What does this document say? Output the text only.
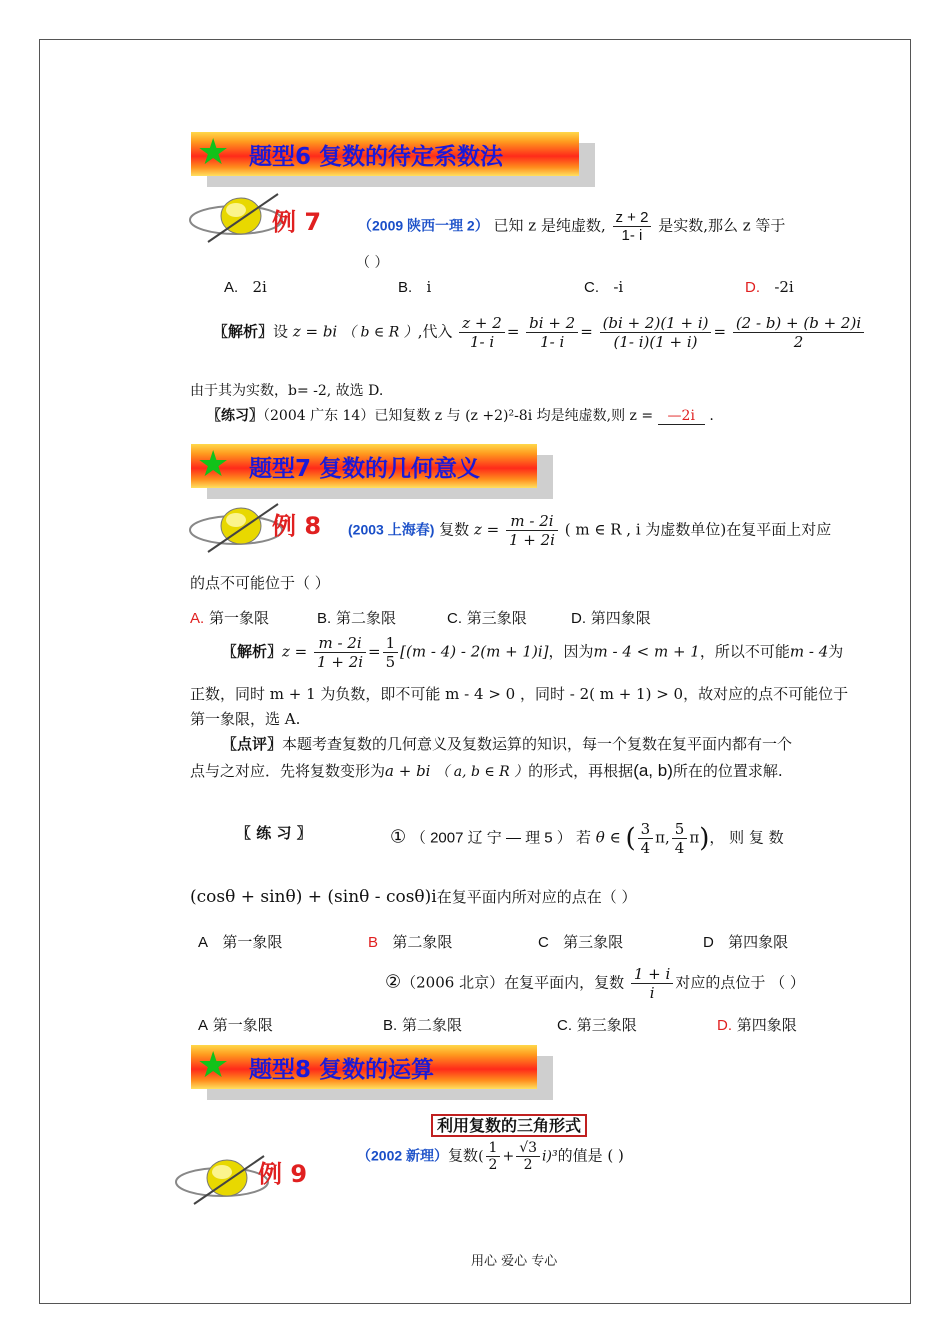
★ 题型6 复数的待定系数法
例 7	（2009 陕西一理 2） 已知 z 是纯虚数, $\frac{z + 2}{1- i}$ 是实数,那么 z 等于
（ ）
A. 2i	B. i	C. -i	D. -2i
〖解析〗设 z = bi （ b ∈ R ）,代入 $\frac{z + 2}{1- i} = \frac{bi + 2}{1- i} = \frac{(bi + 2)(1 + i)}{(1- i)(1 + i)} = \frac{(2 - b) + (b + 2)i}{2}$
由于其为实数，b= -2, 故选 D.
〖练习〗（2004 广东 14）已知复数 z 与 (z +2)²-8i 均是纯虚数,则 z = —2i .
★ 题型7 复数的几何意义
例 8 (2003 上海春) 复数 $z = \frac{m - 2i}{1 + 2i}$ ( m ∈ R , i 为虚数单位)在复平面上对应
的点不可能位于（ ）
A. 第一象限	B. 第二象限	C. 第三象限	D. 第四象限
〖解析〗$z = \frac{m - 2i}{1 + 2i} = \frac{1}{5} [(m - 4) - 2(m + 1)i]$，因为m - 4 < m + 1，所以不可能m - 4为
正数，同时 m + 1 为负数，即不可能 m - 4 > 0 ，同时 - 2( m + 1) > 0，故对应的点不可能位于
第一象限，选 A.
〖点评〗本题考查复数的几何意义及复数运算的知识，每一个复数在复平面内都有一个
点与之对应．先将复数变形为a + bi （ a, b ∈ R ）的形式，再根据(a, b)所在的位置求解.
〖 练 习 〗	① （ 2007 辽 宁 — 理 5 ） 若 θ ∈ ( $\frac{3}{4} \pi$, $\frac{5}{4} \pi$)， 则 复 数
(cosθ + sinθ) + (sinθ - cosθ)i在复平面内所对应的点在（ ）
A 第一象限	B 第二象限	C 第三象限	D 第四象限
②（2006 北京）在复平面内，复数 $\frac{1 + i}{i}$ 对应的点位于 （ ）
A 第一象限	B. 第二象限	C. 第三象限	D. 第四象限
★ 题型8 复数的运算
利用复数的三角形式
例 9
（2002 新理）复数( $\frac{1}{2} + \frac{√3}{2} i)^3$的值是 ( )
用心 爱心 专心
